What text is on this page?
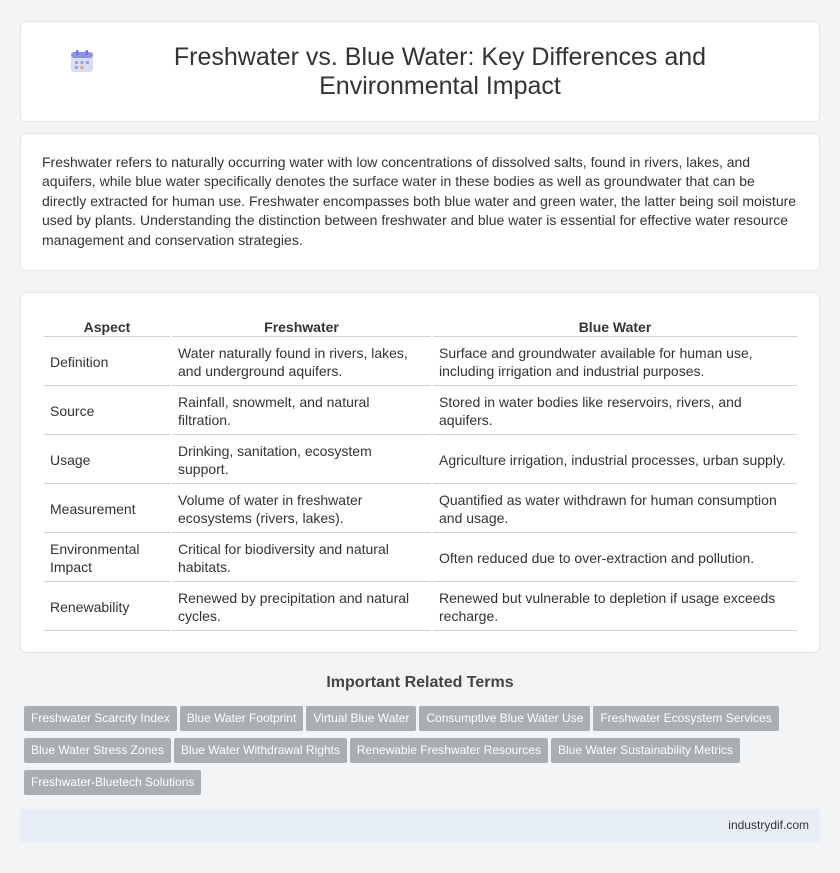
Freshwater vs. Blue Water: Key Differences and Environmental Impact

Freshwater refers to naturally occurring water with low concentrations of dissolved salts, found in rivers, lakes, and aquifers, while blue water specifically denotes the surface water in these bodies as well as groundwater that can be directly extracted for human use. Freshwater encompasses both blue water and green water, the latter being soil moisture used by plants. Understanding the distinction between freshwater and blue water is essential for effective water resource management and conservation strategies.

Aspect	Freshwater	Blue Water
Definition	Water naturally found in rivers, lakes, and underground aquifers.	Surface and groundwater available for human use, including irrigation and industrial purposes.
Source	Rainfall, snowmelt, and natural filtration.	Stored in water bodies like reservoirs, rivers, and aquifers.
Usage	Drinking, sanitation, ecosystem support.	Agriculture irrigation, industrial processes, urban supply.
Measurement	Volume of water in freshwater ecosystems (rivers, lakes).	Quantified as water withdrawn for human consumption and usage.
Environmental Impact	Critical for biodiversity and natural habitats.	Often reduced due to over-extraction and pollution.
Renewability	Renewed by precipitation and natural cycles.	Renewed but vulnerable to depletion if usage exceeds recharge.
Important Related Terms
Freshwater Scarcity Index Blue Water Footprint Virtual Blue Water Consumptive Blue Water Use Freshwater Ecosystem ServicesBlue Water Stress Zones Blue Water Withdrawal Rights Renewable Freshwater Resources Blue Water Sustainability MetricsFreshwater-Bluetech Solutions
industrydif.com
